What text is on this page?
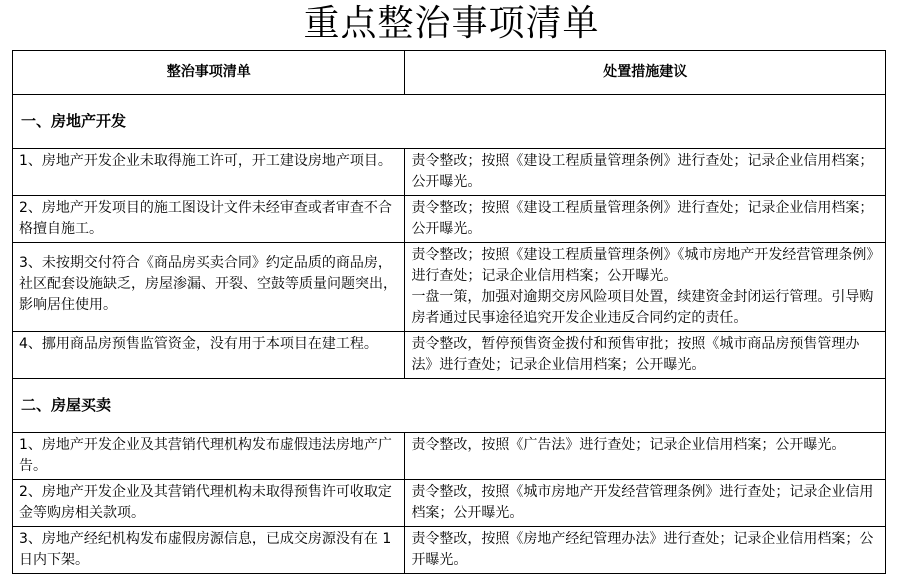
重点整治事项清单
整治事项清单	处置措施建议
一、房地产开发	
1、房地产开发企业未取得施工许可，开工建设房地产项目。	责令整改；按照《建设工程质量管理条例》进行查处；记录企业信用档案；公开曝光。

2、房地产开发项目的施工图设计文件未经审查或者审查不合格擅自施工。	责令整改；按照《建设工程质量管理条例》进行查处；记录企业信用档案；公开曝光。

3、未按期交付符合《商品房买卖合同》约定品质的商品房，社区配套设施缺乏，房屋渗漏、开裂、空鼓等质量问题突出，影响居住使用。	责令整改；按照《建设工程质量管理条例》《城市房地产开发经营管理条例》进行查处；记录企业信用档案；公开曝光。
一盘一策，加强对逾期交房风险项目处置，续建资金封闭运行管理。引导购房者通过民事途径追究开发企业违反合同约定的责任。

4、挪用商品房预售监管资金，没有用于本项目在建工程。	责令整改，暂停预售资金拨付和预售审批；按照《城市商品房预售管理办法》进行查处；记录企业信用档案；公开曝光。

二、房屋买卖	
1、房地产开发企业及其营销代理机构发布虚假违法房地产广告。	责令整改，按照《广告法》进行查处；记录企业信用档案；公开曝光。

2、房地产开发企业及其营销代理机构未取得预售许可收取定金等购房相关款项。	责令整改，按照《城市房地产开发经营管理条例》进行查处；记录企业信用档案；公开曝光。

3、房地产经纪机构发布虚假房源信息，已成交房源没有在 1 日内下架。	责令整改，按照《房地产经纪管理办法》进行查处；记录企业信用档案；公开曝光。
